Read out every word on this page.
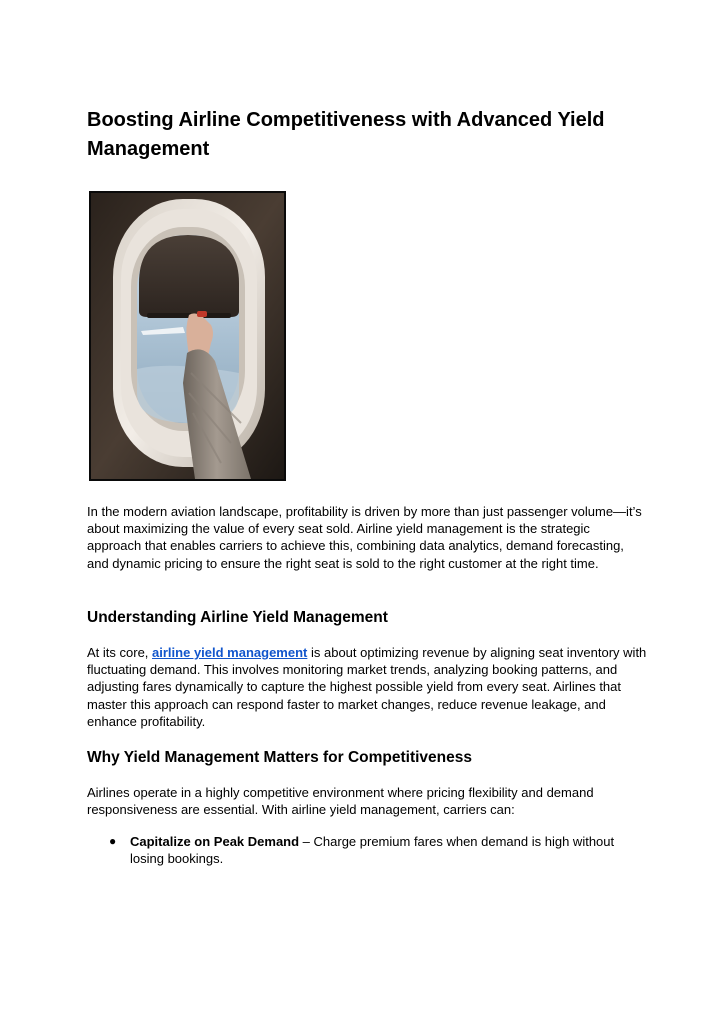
Boosting Airline Competitiveness with Advanced Yield Management

In the modern aviation landscape, profitability is driven by more than just passenger volume—it’s about maximizing the value of every seat sold. Airline yield management is the strategic approach that enables carriers to achieve this, combining data analytics, demand forecasting, and dynamic pricing to ensure the right seat is sold to the right customer at the right time.

Understanding Airline Yield Management

At its core, airline yield management is about optimizing revenue by aligning seat inventory with fluctuating demand. This involves monitoring market trends, analyzing booking patterns, and adjusting fares dynamically to capture the highest possible yield from every seat. Airlines that master this approach can respond faster to market changes, reduce revenue leakage, and enhance profitability.

Why Yield Management Matters for Competitiveness

Airlines operate in a highly competitive environment where pricing flexibility and demand responsiveness are essential. With airline yield management, carriers can:

● Capitalize on Peak Demand – Charge premium fares when demand is high without losing bookings.
